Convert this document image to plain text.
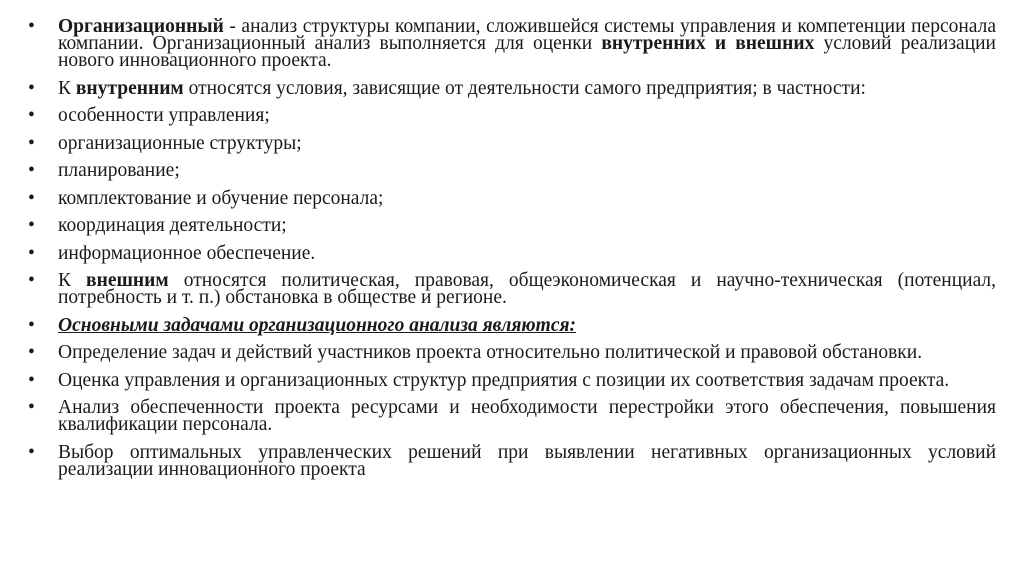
• Организационный - анализ структуры компании, сложившейся системы управления и компетенции персонала компании. Организационный анализ выполняется для оценки внутренних и внешних условий реализации нового инновационного проекта.
• К внутренним относятся условия, зависящие от деятельности самого предприятия; в частности:
• особенности управления;
• организационные структуры;
• планирование;
• комплектование и обучение персонала;
• координация деятельности;
• информационное обеспечение.
• К внешним относятся политическая, правовая, общеэкономическая и научно-техническая (потенциал, потребность и т. п.) обстановка в обществе и регионе.
• Основными задачами организационного анализа являются:
• Определение задач и действий участников проекта относительно политической и правовой обстановки.
• Оценка управления и организационных структур предприятия с позиции их соответствия задачам проекта.
• Анализ обеспеченности проекта ресурсами и необходимости перестройки этого обеспечения, повышения квалификации персонала.
• Выбор оптимальных управленческих решений при выявлении негативных организационных условий реализации инновационного проекта
